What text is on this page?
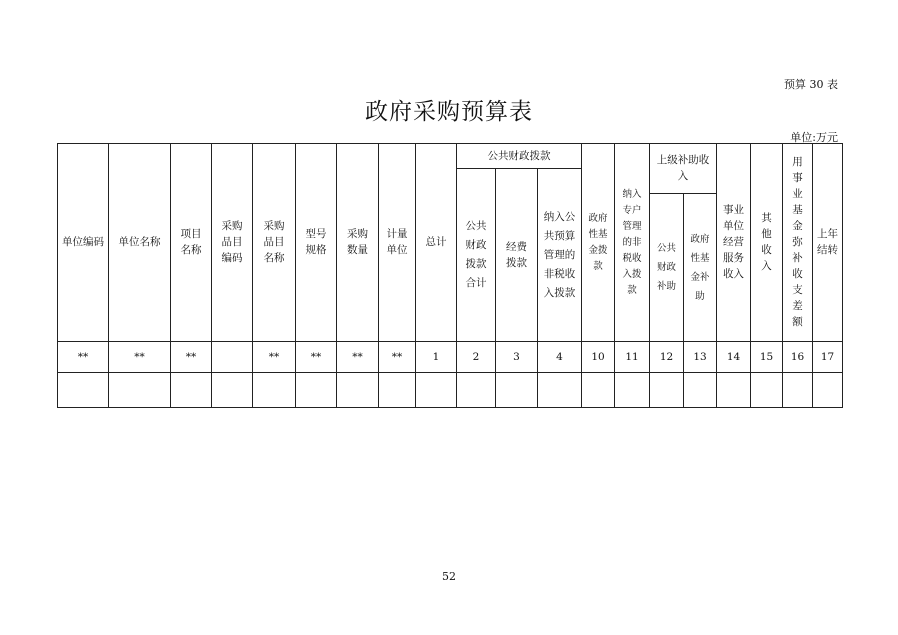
预算 30 表
政府采购预算表
单位:万元
单位编码	单位名称	项目名称	采购品目编码	采购品目名称	型号规格	采购数量	计量单位	总计	公共财政拨款			政府性基金拨款	纳入专户管理的非税收入拨款	上级补助收入		事业单位经营服务收入	其他收入	用事业基金弥补收支差额	上年结转
									公共财政拨款合计	经费拨款	纳入公共预算管理的非税收入拨款								
														公共财政补助	政府性基金补助				
**	**	**		**	**	**	**	1	2	3	4	10	11	12	13	14	15	16	17

52
